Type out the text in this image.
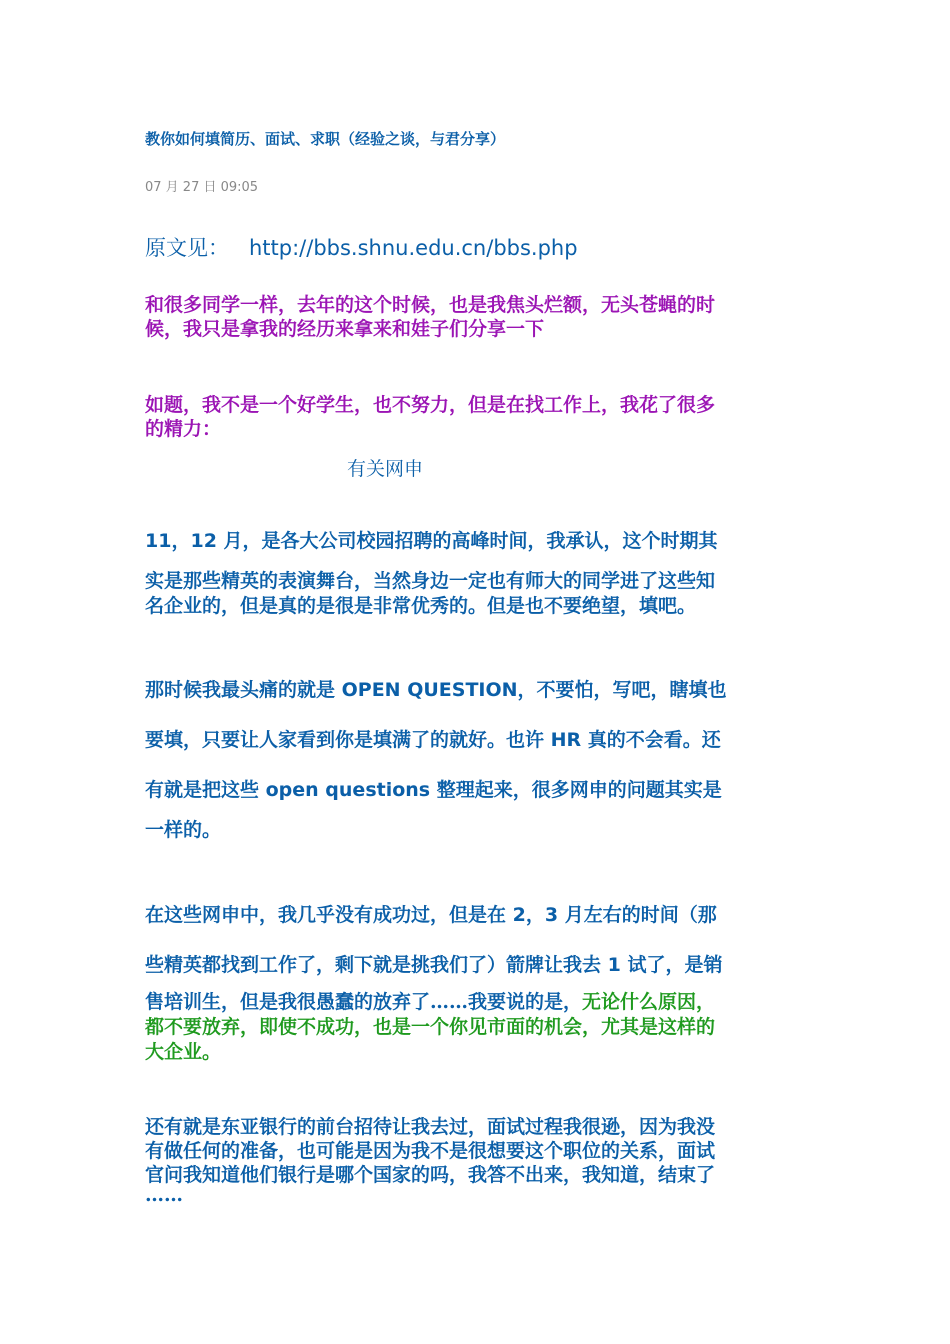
教你如何填简历、面试、求职（经验之谈，与君分享）
07 月 27 日 09:05
原文见： http://bbs.shnu.edu.cn/bbs.php
和很多同学一样，去年的这个时候，也是我焦头烂额，无头苍蝇的时
候，我只是拿我的经历来拿来和娃子们分享一下
如题，我不是一个好学生，也不努力，但是在找工作上，我花了很多
的精力：
有关网申
11，12 月，是各大公司校园招聘的高峰时间，我承认，这个时期其
实是那些精英的表演舞台，当然身边一定也有师大的同学进了这些知
名企业的，但是真的是很是非常优秀的。但是也不要绝望，填吧。
那时候我最头痛的就是 OPEN QUESTION，不要怕，写吧，瞎填也
要填，只要让人家看到你是填满了的就好。也许 HR 真的不会看。还
有就是把这些 open questions 整理起来，很多网申的问题其实是
一样的。
在这些网申中，我几乎没有成功过，但是在 2，3 月左右的时间（那
些精英都找到工作了，剩下就是挑我们了）箭牌让我去 1 试了，是销
售培训生，但是我很愚蠢的放弃了……我要说的是，无论什么原因，
都不要放弃，即使不成功，也是一个你见市面的机会，尤其是这样的
大企业。
还有就是东亚银行的前台招待让我去过，面试过程我很逊，因为我没
有做任何的准备，也可能是因为我不是很想要这个职位的关系，面试
官问我知道他们银行是哪个国家的吗，我答不出来，我知道，结束了
……
